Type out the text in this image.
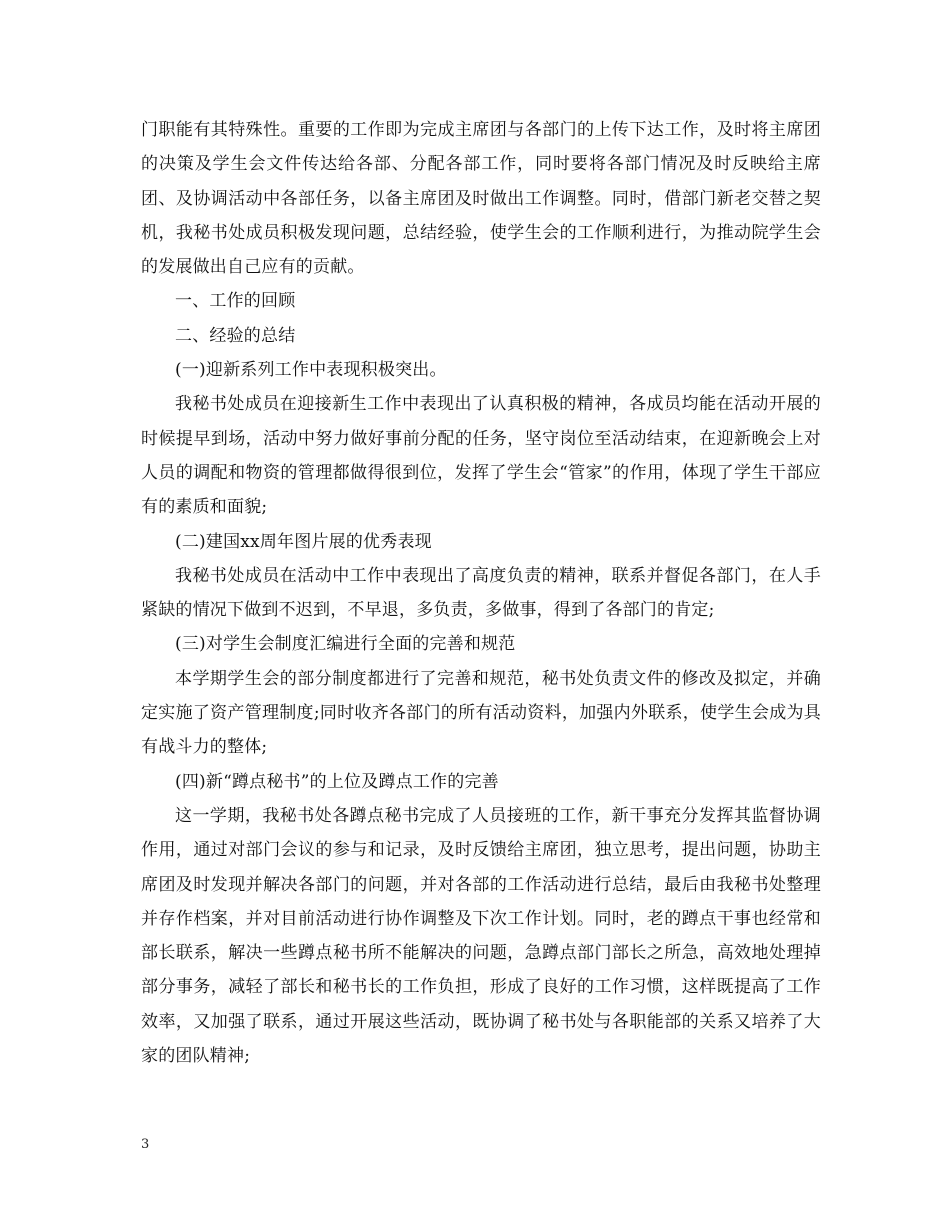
门职能有其特殊性。重要的工作即为完成主席团与各部门的上传下达工作，及时将主席团的决策及学生会文件传达给各部、分配各部工作，同时要将各部门情况及时反映给主席团、及协调活动中各部任务，以备主席团及时做出工作调整。同时，借部门新老交替之契机，我秘书处成员积极发现问题，总结经验，使学生会的工作顺利进行，为推动院学生会的发展做出自己应有的贡献。

一、工作的回顾

二、经验的总结

(一)迎新系列工作中表现积极突出。

我秘书处成员在迎接新生工作中表现出了认真积极的精神，各成员均能在活动开展的时候提早到场，活动中努力做好事前分配的任务，坚守岗位至活动结束，在迎新晚会上对人员的调配和物资的管理都做得很到位，发挥了学生会“管家”的作用，体现了学生干部应有的素质和面貌;

(二)建国xx周年图片展的优秀表现

我秘书处成员在活动中工作中表现出了高度负责的精神，联系并督促各部门，在人手紧缺的情况下做到不迟到，不早退，多负责，多做事，得到了各部门的肯定;

(三)对学生会制度汇编进行全面的完善和规范

本学期学生会的部分制度都进行了完善和规范，秘书处负责文件的修改及拟定，并确定实施了资产管理制度;同时收齐各部门的所有活动资料，加强内外联系，使学生会成为具有战斗力的整体;

(四)新“蹲点秘书”的上位及蹲点工作的完善

这一学期，我秘书处各蹲点秘书完成了人员接班的工作，新干事充分发挥其监督协调作用，通过对部门会议的参与和记录，及时反馈给主席团，独立思考，提出问题，协助主席团及时发现并解决各部门的问题，并对各部的工作活动进行总结，最后由我秘书处整理并存作档案，并对目前活动进行协作调整及下次工作计划。同时，老的蹲点干事也经常和部长联系，解决一些蹲点秘书所不能解决的问题，急蹲点部门部长之所急，高效地处理掉部分事务，减轻了部长和秘书长的工作负担，形成了良好的工作习惯，这样既提高了工作效率，又加强了联系，通过开展这些活动，既协调了秘书处与各职能部的关系又培养了大家的团队精神;

3
